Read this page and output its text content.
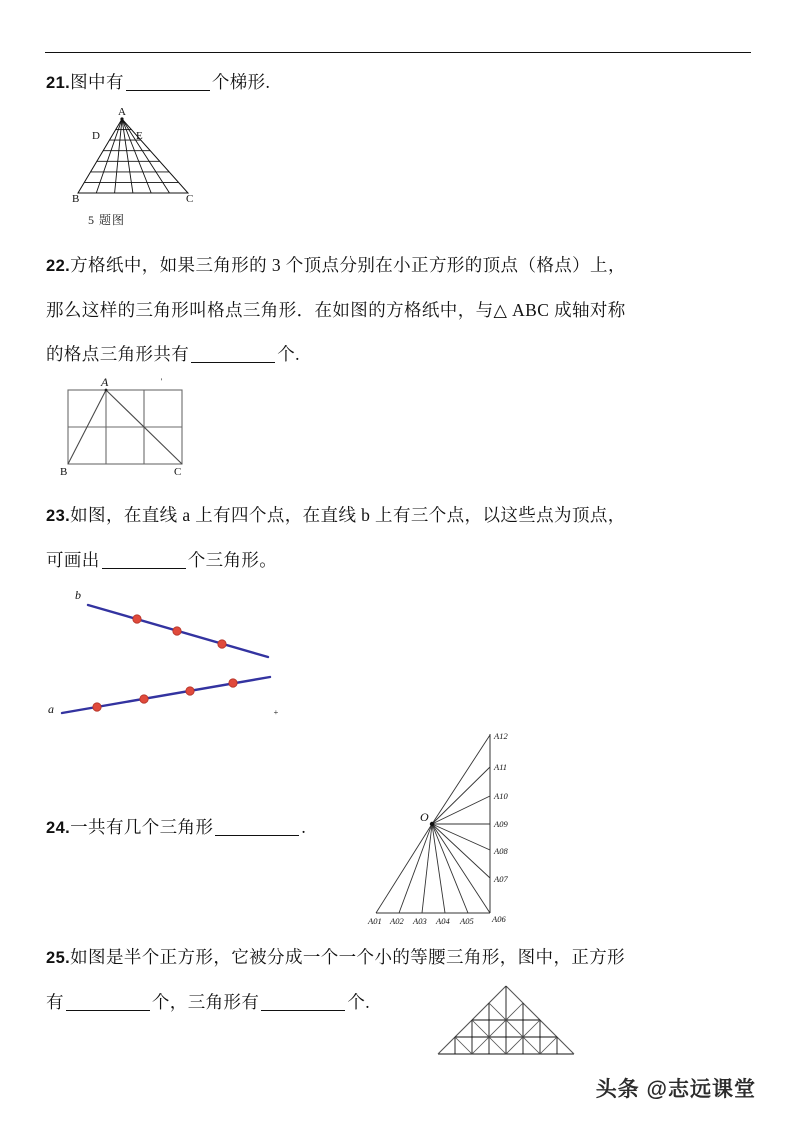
21.图中有	个梯形.
A
B	C
D	E
5 题图
22.方格纸中，如果三角形的 3 个顶点分别在小正方形的顶点（格点）上，
那么这样的三角形叫格点三角形．在如图的方格纸中，与△ ABC 成轴对称
的格点三角形共有	个.
A
B	C
'
23.如图，在直线 a 上有四个点，在直线 b 上有三个点，以这些点为顶点，
可画出	个三角形。
b
a	+
24.一共有几个三角形	.	O
A01 A02 A03 A04 A05 A06
A07
A08
A09
A10
A11
A12
25.如图是半个正方形，它被分成一个一个小的等腰三角形，图中，正方形
有	个，三角形有	个.
头条 @志远课堂
